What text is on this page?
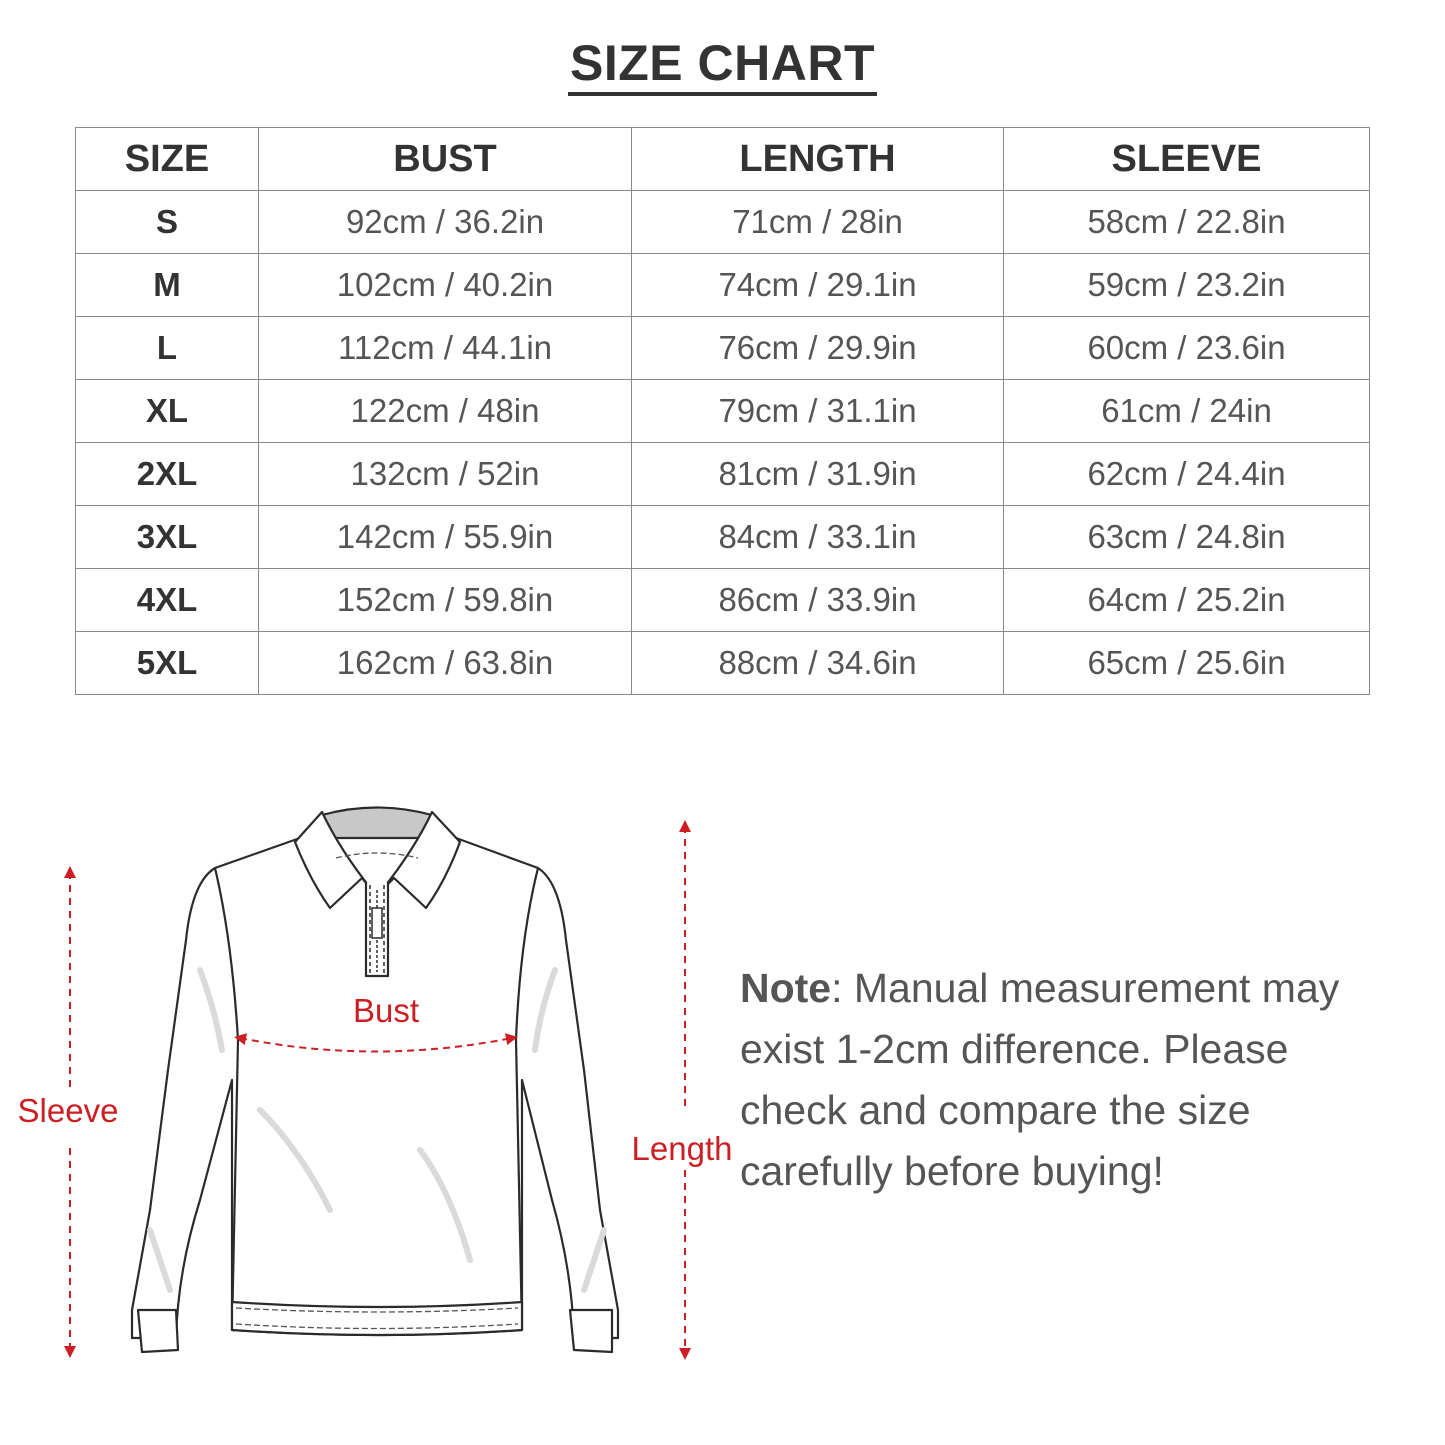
SIZE CHART
SIZE	BUST	LENGTH	SLEEVE
S	92cm / 36.2in	71cm / 28in	58cm / 22.8in
M	102cm / 40.2in	74cm / 29.1in	59cm / 23.2in
L	112cm / 44.1in	76cm / 29.9in	60cm / 23.6in
XL	122cm / 48in	79cm / 31.1in	61cm / 24in
2XL	132cm / 52in	81cm / 31.9in	62cm / 24.4in
3XL	142cm / 55.9in	84cm / 33.1in	63cm / 24.8in
4XL	152cm / 59.8in	86cm / 33.9in	64cm / 25.2in
5XL	162cm / 63.8in	88cm / 34.6in	65cm / 25.6in
Bust
Sleeve
Length
Note: Manual measurement may exist 1-2cm difference. Please check and compare the size carefully before buying!
